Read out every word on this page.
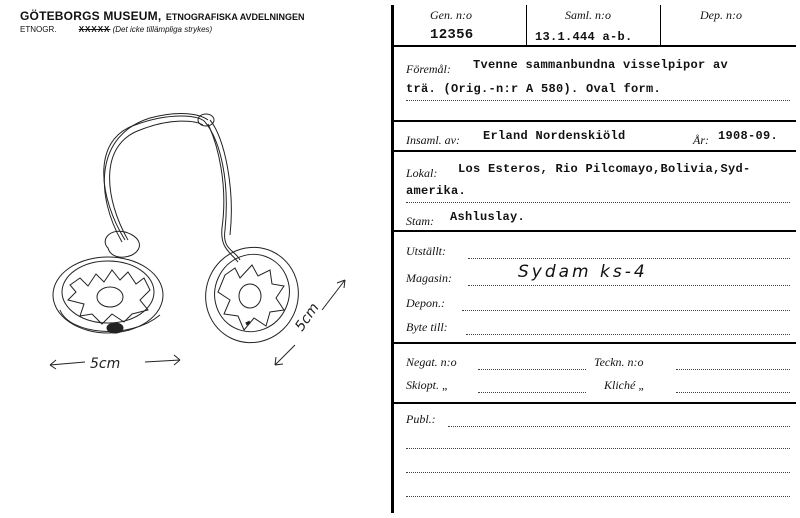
GÖTEBORGS MUSEUM, ETNOGRAFISKA AVDELNINGEN
ETNOGR.	XXXXX (Det icke tillämpliga strykes)
5cm
5cm
Gen. n:o
12356
Saml. n:o
13.1.444 a-b.
Dep. n:o
Föremål: Tvenne sammanbundna visselpipor av
trä. (Orig.-n:r A 580). Oval form.
Insaml. av: Erland Nordenskiöld	År: 1908-09.
Lokal: Los Esteros, Rio Pilcomayo,Bolivia,Syd-
amerika.
Stam: Ashluslay.
Utställt:
Magasin:	Sydam ks-4
Depon.:
Byte till:
Negat. n:o	Teckn. n:o
Skiopt. „	Kliché „
Publ.:
